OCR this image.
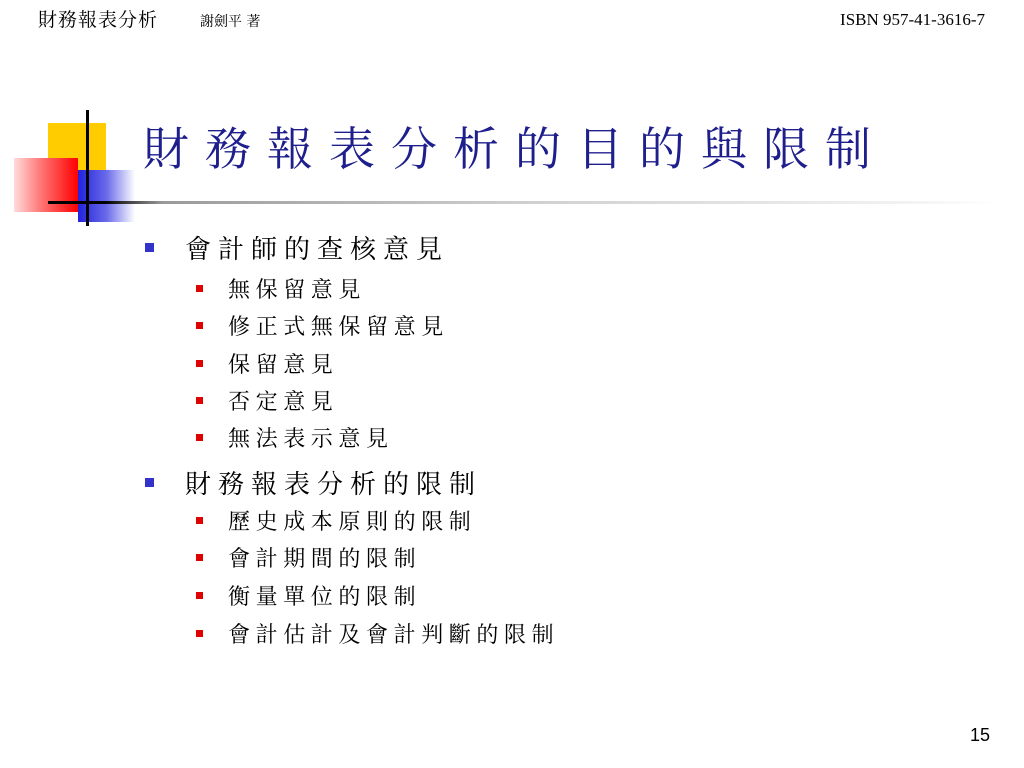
財務報表分析	謝劍平 著	ISBN 957-41-3616-7
財務報表分析的目的與限制
會計師的查核意見
無保留意見
修正式無保留意見
保留意見
否定意見
無法表示意見
財務報表分析的限制
歷史成本原則的限制
會計期間的限制
衡量單位的限制
會計估計及會計判斷的限制
15
